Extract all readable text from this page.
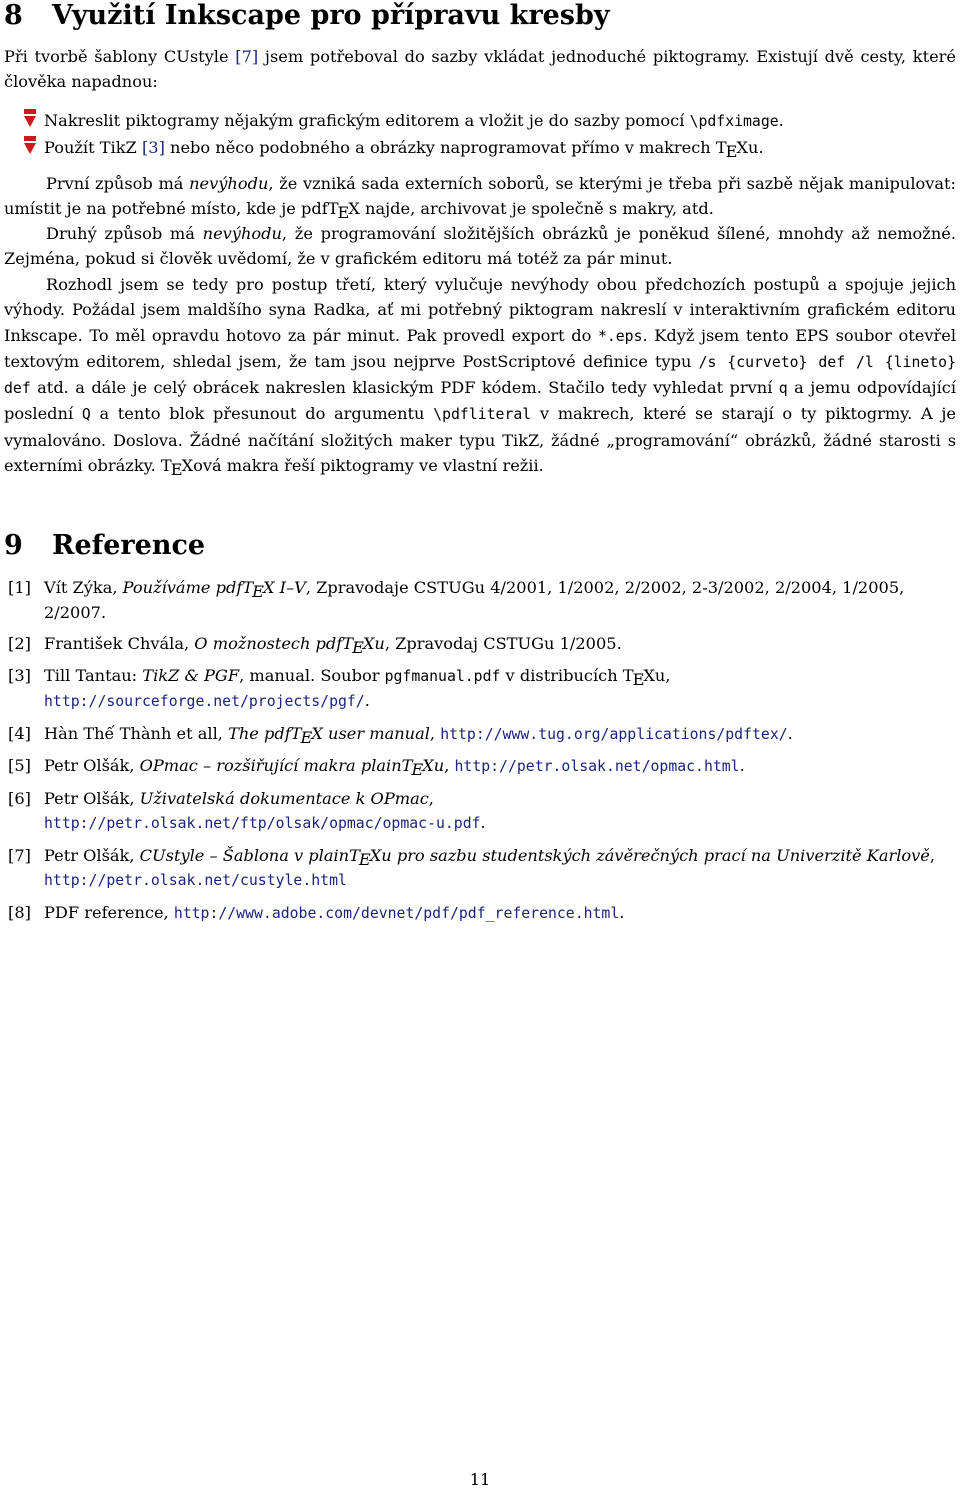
8 Využití Inkscape pro přípravu kresby

Při tvorbě šablony CUstyle [7] jsem potřeboval do sazby vkládat jednoduché piktogramy. Existují dvě cesty, které člověka napadnou:

Nakreslit piktogramy nějakým grafickým editorem a vložit je do sazby pomocí \pdfximage.
Použít TikZ [3] nebo něco podobného a obrázky naprogramovat přímo v makrech TEXu.

První způsob má nevýhodu, že vzniká sada externích soborů, se kterými je třeba při sazbě nějak manipulovat: umístit je na potřebné místo, kde je pdfTEX najde, archivovat je společně s makry, atd.

Druhý způsob má nevýhodu, že programování složitějších obrázků je poněkud šílené, mnohdy až nemožné. Zejména, pokud si člověk uvědomí, že v grafickém editoru má totéž za pár minut.

Rozhodl jsem se tedy pro postup třetí, který vylučuje nevýhody obou předchozích postupů a spojuje jejich výhody. Požádal jsem maldšího syna Radka, ať mi potřebný piktogram nakreslí v interaktivním grafickém editoru Inkscape. To měl opravdu hotovo za pár minut. Pak provedl export do *.eps. Když jsem tento EPS soubor otevřel textovým editorem, shledal jsem, že tam jsou nejprve PostScriptové definice typu /s {curveto} def /l {lineto} def atd. a dále je celý obrácek nakreslen klasickým PDF kódem. Stačilo tedy vyhledat první q a jemu odpovídající poslední Q a tento blok přesunout do argumentu \pdfliteral v makrech, které se starají o ty piktogrmy. A je vymalováno. Doslova. Žádné načítání složitých maker typu TikZ, žádné „programování“ obrázků, žádné starosti s externími obrázky. TEXová makra řeší piktogramy ve vlastní režii.

9 Reference
[1] Vít Zýka, Používáme pdfTEX I–V, Zpravodaje CSTUGu 4/2001, 1/2002, 2/2002, 2-3/2002, 2/2004, 1/2005, 2/2007.
[2] František Chvála, O možnostech pdfTEXu, Zpravodaj CSTUGu 1/2005.
[3] Till Tantau: TikZ & PGF, manual. Soubor pgfmanual.pdf v distribucích TEXu,
http://sourceforge.net/projects/pgf/.
[4] Hàn Thế Thành et all, The pdfTEX user manual, http://www.tug.org/applications/pdftex/.
[5] Petr Olšák, OPmac – rozšiřující makra plainTEXu, http://petr.olsak.net/opmac.html.
[6] Petr Olšák, Uživatelská dokumentace k OPmac,
http://petr.olsak.net/ftp/olsak/opmac/opmac-u.pdf.
[7] Petr Olšák, CUstyle – Šablona v plainTEXu pro sazbu studentských závěrečných prací na Univerzitě Karlově, http://petr.olsak.net/custyle.html
[8] PDF reference, http://www.adobe.com/devnet/pdf/pdf_reference.html.
11
